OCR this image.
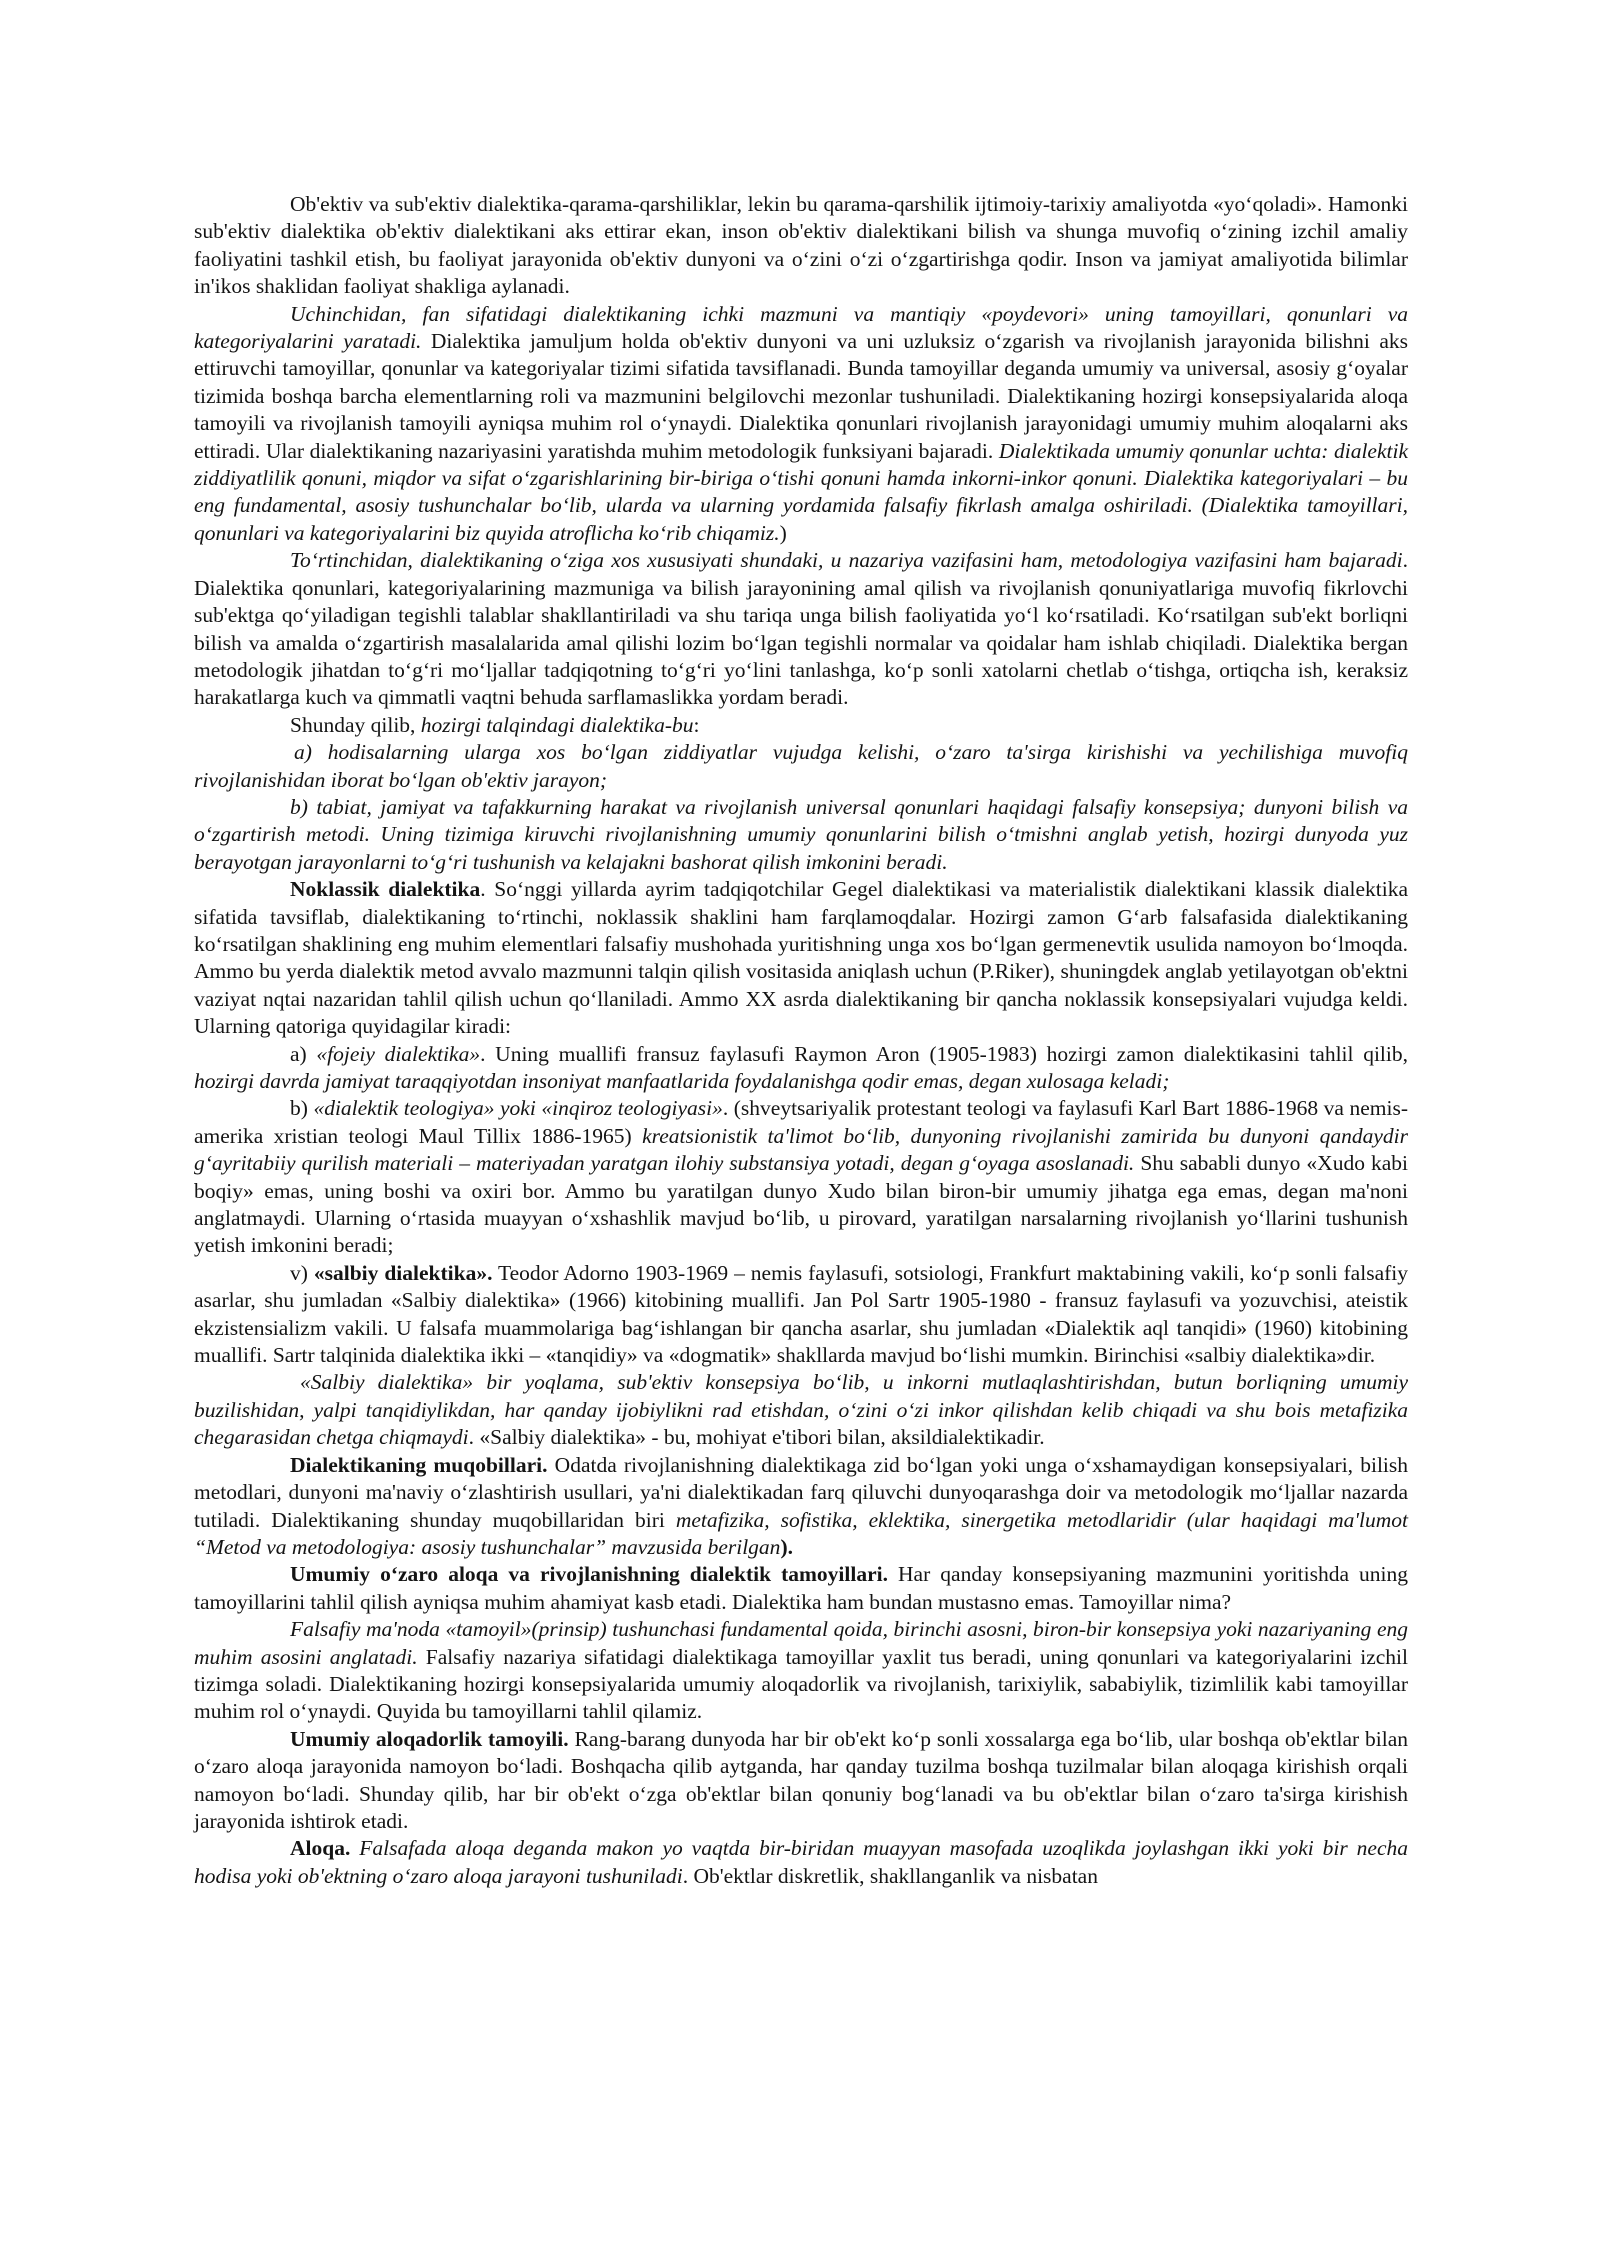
Ob'ektiv va sub'ektiv dialektika-qarama-qarshiliklar, lekin bu qarama-qarshilik ijtimoiy-tarixiy amaliyotda «yo‘qoladi». Hamonki sub'ektiv dialektika ob'ektiv dialektikani aks ettirar ekan, inson ob'ektiv dialektikani bilish va shunga muvofiq o‘zining izchil amaliy faoliyatini tashkil etish, bu faoliyat jarayonida ob'ektiv dunyoni va o‘zini o‘zi o‘zgartirishga qodir. Inson va jamiyat amaliyotida bilimlar in'ikos shaklidan faoliyat shakliga aylanadi.

Uchinchidan, fan sifatidagi dialektikaning ichki mazmuni va mantiqiy «poydevori» uning tamoyillari, qonunlari va kategoriyalarini yaratadi. Dialektika jamuljum holda ob'ektiv dunyoni va uni uzluksiz o‘zgarish va rivojlanish jarayonida bilishni aks ettiruvchi tamoyillar, qonunlar va kategoriyalar tizimi sifatida tavsiflanadi. Bunda tamoyillar deganda umumiy va universal, asosiy g‘oyalar tizimida boshqa barcha elementlarning roli va mazmunini belgilovchi mezonlar tushuniladi. Dialektikaning hozirgi konsepsiyalarida aloqa tamoyili va rivojlanish tamoyili ayniqsa muhim rol o‘ynaydi. Dialektika qonunlari rivojlanish jarayonidagi umumiy muhim aloqalarni aks ettiradi. Ular dialektikaning nazariyasini yaratishda muhim metodologik funksiyani bajaradi. Dialektikada umumiy qonunlar uchta: dialektik ziddiyatlilik qonuni, miqdor va sifat o‘zgarishlarining bir-biriga o‘tishi qonuni hamda inkorni-inkor qonuni. Dialektika kategoriyalari – bu eng fundamental, asosiy tushunchalar bo‘lib, ularda va ularning yordamida falsafiy fikrlash amalga oshiriladi. (Dialektika tamoyillari, qonunlari va kategoriyalarini biz quyida atroflicha ko‘rib chiqamiz.)

To‘rtinchidan, dialektikaning o‘ziga xos xususiyati shundaki, u nazariya vazifasini ham, metodologiya vazifasini ham bajaradi. Dialektika qonunlari, kategoriyalarining mazmuniga va bilish jarayonining amal qilish va rivojlanish qonuniyatlariga muvofiq fikrlovchi sub'ektga qo‘yiladigan tegishli talablar shakllantiriladi va shu tariqa unga bilish faoliyatida yo‘l ko‘rsatiladi. Ko‘rsatilgan sub'ekt borliqni bilish va amalda o‘zgartirish masalalarida amal qilishi lozim bo‘lgan tegishli normalar va qoidalar ham ishlab chiqiladi. Dialektika bergan metodologik jihatdan to‘g‘ri mo‘ljallar tadqiqotning to‘g‘ri yo‘lini tanlashga, ko‘p sonli xatolarni chetlab o‘tishga, ortiqcha ish, keraksiz harakatlarga kuch va qimmatli vaqtni behuda sarflamaslikka yordam beradi.

Shunday qilib, hozirgi talqindagi dialektika-bu:

a) hodisalarning ularga xos bo‘lgan ziddiyatlar vujudga kelishi, o‘zaro ta'sirga kirishishi va yechilishiga muvofiq rivojlanishidan iborat bo‘lgan ob'ektiv jarayon;

b) tabiat, jamiyat va tafakkurning harakat va rivojlanish universal qonunlari haqidagi falsafiy konsepsiya; dunyoni bilish va o‘zgartirish metodi. Uning tizimiga kiruvchi rivojlanishning umumiy qonunlarini bilish o‘tmishni anglab yetish, hozirgi dunyoda yuz berayotgan jarayonlarni to‘g‘ri tushunish va kelajakni bashorat qilish imkonini beradi.

Noklassik dialektika. So‘nggi yillarda ayrim tadqiqotchilar Gegel dialektikasi va materialistik dialektikani klassik dialektika sifatida tavsiflab, dialektikaning to‘rtinchi, noklassik shaklini ham farqlamoqdalar. Hozirgi zamon G‘arb falsafasida dialektikaning ko‘rsatilgan shaklining eng muhim elementlari falsafiy mushohada yuritishning unga xos bo‘lgan germenevtik usulida namoyon bo‘lmoqda. Ammo bu yerda dialektik metod avvalo mazmunni talqin qilish vositasida aniqlash uchun (P.Riker), shuningdek anglab yetilayotgan ob'ektni vaziyat nqtai nazaridan tahlil qilish uchun qo‘llaniladi. Ammo XX asrda dialektikaning bir qancha noklassik konsepsiyalari vujudga keldi. Ularning qatoriga quyidagilar kiradi:

a) «fojeiy dialektika». Uning muallifi fransuz faylasufi Raymon Aron (1905-1983) hozirgi zamon dialektikasini tahlil qilib, hozirgi davrda jamiyat taraqqiyotdan insoniyat manfaatlarida foydalanishga qodir emas, degan xulosaga keladi;

b) «dialektik teologiya» yoki «inqiroz teologiyasi». (shveytsariyalik protestant teologi va faylasufi Karl Bart 1886-1968 va nemis-amerika xristian teologi Maul Tillix 1886-1965) kreatsionistik ta'limot bo‘lib, dunyoning rivojlanishi zamirida bu dunyoni qandaydir g‘ayritabiiy qurilish materiali – materiyadan yaratgan ilohiy substansiya yotadi, degan g‘oyaga asoslanadi. Shu sababli dunyo «Xudo kabi boqiy» emas, uning boshi va oxiri bor. Ammo bu yaratilgan dunyo Xudo bilan biron-bir umumiy jihatga ega emas, degan ma'noni anglatmaydi. Ularning o‘rtasida muayyan o‘xshashlik mavjud bo‘lib, u pirovard, yaratilgan narsalarning rivojlanish yo‘llarini tushunish yetish imkonini beradi;

v) «salbiy dialektika». Teodor Adorno 1903-1969 – nemis faylasufi, sotsiologi, Frankfurt maktabining vakili, ko‘p sonli falsafiy asarlar, shu jumladan «Salbiy dialektika» (1966) kitobining muallifi. Jan Pol Sartr 1905-1980 - fransuz faylasufi va yozuvchisi, ateistik ekzistensializm vakili. U falsafa muammolariga bag‘ishlangan bir qancha asarlar, shu jumladan «Dialektik aql tanqidi» (1960) kitobining muallifi. Sartr talqinida dialektika ikki – «tanqidiy» va «dogmatik» shakllarda mavjud bo‘lishi mumkin. Birinchisi «salbiy dialektika»dir.

«Salbiy dialektika» bir yoqlama, sub'ektiv konsepsiya bo‘lib, u inkorni mutlaqlashtirishdan, butun borliqning umumiy buzilishidan, yalpi tanqidiylikdan, har qanday ijobiylikni rad etishdan, o‘zini o‘zi inkor qilishdan kelib chiqadi va shu bois metafizika chegarasidan chetga chiqmaydi. «Salbiy dialektika» - bu, mohiyat e'tibori bilan, aksildialektikadir.

Dialektikaning muqobillari. Odatda rivojlanishning dialektikaga zid bo‘lgan yoki unga o‘xshamaydigan konsepsiyalari, bilish metodlari, dunyoni ma'naviy o‘zlashtirish usullari, ya'ni dialektikadan farq qiluvchi dunyoqarashga doir va metodologik mo‘ljallar nazarda tutiladi. Dialektikaning shunday muqobillaridan biri metafizika, sofistika, eklektika, sinergetika metodlaridir (ular haqidagi ma'lumot “Metod va metodologiya: asosiy tushunchalar” mavzusida berilgan).

Umumiy o‘zaro aloqa va rivojlanishning dialektik tamoyillari. Har qanday konsepsiyaning mazmunini yoritishda uning tamoyillarini tahlil qilish ayniqsa muhim ahamiyat kasb etadi. Dialektika ham bundan mustasno emas. Tamoyillar nima?

Falsafiy ma'noda «tamoyil»(prinsip) tushunchasi fundamental qoida, birinchi asosni, biron-bir konsepsiya yoki nazariyaning eng muhim asosini anglatadi. Falsafiy nazariya sifatidagi dialektikaga tamoyillar yaxlit tus beradi, uning qonunlari va kategoriyalarini izchil tizimga soladi. Dialektikaning hozirgi konsepsiyalarida umumiy aloqadorlik va rivojlanish, tarixiylik, sababiylik, tizimlilik kabi tamoyillar muhim rol o‘ynaydi. Quyida bu tamoyillarni tahlil qilamiz.

Umumiy aloqadorlik tamoyili. Rang-barang dunyoda har bir ob'ekt ko‘p sonli xossalarga ega bo‘lib, ular boshqa ob'ektlar bilan o‘zaro aloqa jarayonida namoyon bo‘ladi. Boshqacha qilib aytganda, har qanday tuzilma boshqa tuzilmalar bilan aloqaga kirishish orqali namoyon bo‘ladi. Shunday qilib, har bir ob'ekt o‘zga ob'ektlar bilan qonuniy bog‘lanadi va bu ob'ektlar bilan o‘zaro ta'sirga kirishish jarayonida ishtirok etadi.

Aloqa. Falsafada aloqa deganda makon yo vaqtda bir-biridan muayyan masofada uzoqlikda joylashgan ikki yoki bir necha hodisa yoki ob'ektning o‘zaro aloqa jarayoni tushuniladi. Ob'ektlar diskretlik, shakllanganlik va nisbatan
